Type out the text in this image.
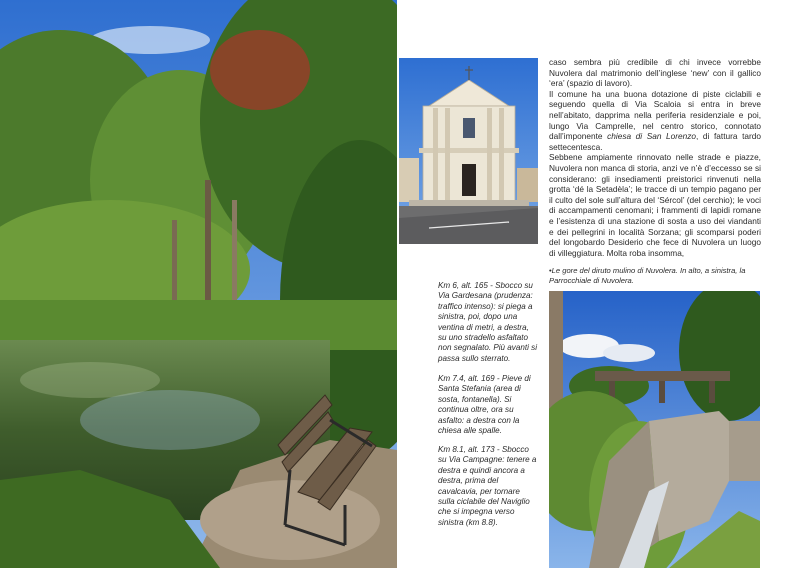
caso sembra più credibile di chi invece vorrebbe Nuvolera dal matrimonio dell’inglese ‘new’ con il gallico ‘era’ (spazio di lavoro).

Il comune ha una buona dotazione di piste ciclabili e seguendo quella di Via Scaloia si entra in breve nell’abitato, dapprima nella periferia residenziale e poi, lungo Via Camprelle, nel centro storico, connotato dall’imponente chiesa di San Lorenzo, di fattura tardo settecentesca.

Sebbene ampiamente rinnovato nelle strade e piazze, Nuvolera non manca di storia, anzi ve n’è d’eccesso se si considerano: gli insediamenti preistorici rinvenuti nella grotta ‘dé la Setadèla’; le tracce di un tempio pagano per il culto del sole sull’altura del ‘Sércol’ (del cerchio); le voci di accampamenti cenomani; i frammenti di lapidi romane e l’esistenza di una stazione di sosta a uso dei viandanti e dei pellegrini in località Sorzana; gli scomparsi poderi del longobardo Desiderio che fece di Nuvolera un luogo di villeggiatura. Molta roba insomma,

•Le gore del diruto mulino di Nuvolera. In alto, a sinistra, la Parrocchiale di Nuvolera.
Km 6, alt. 165 - Sbocco su Via Gardesana (prudenza: traffico intenso): si piega a sinistra, poi, dopo una ventina di metri, a destra, su uno stradello asfaltato non segnalato. Più avanti si passa sullo sterrato.
Km 7.4, alt. 169 - Pieve di Santa Stefania (area di sosta, fontanella). Si continua oltre, ora su asfalto: a destra con la chiesa alle spalle.
Km 8.1, alt. 173 - Sbocco su Via Campagne: tenere a destra e quindi ancora a destra, prima del cavalcavia, per tornare sulla ciclabile del Naviglio che si impegna verso sinistra (km 8.8).
